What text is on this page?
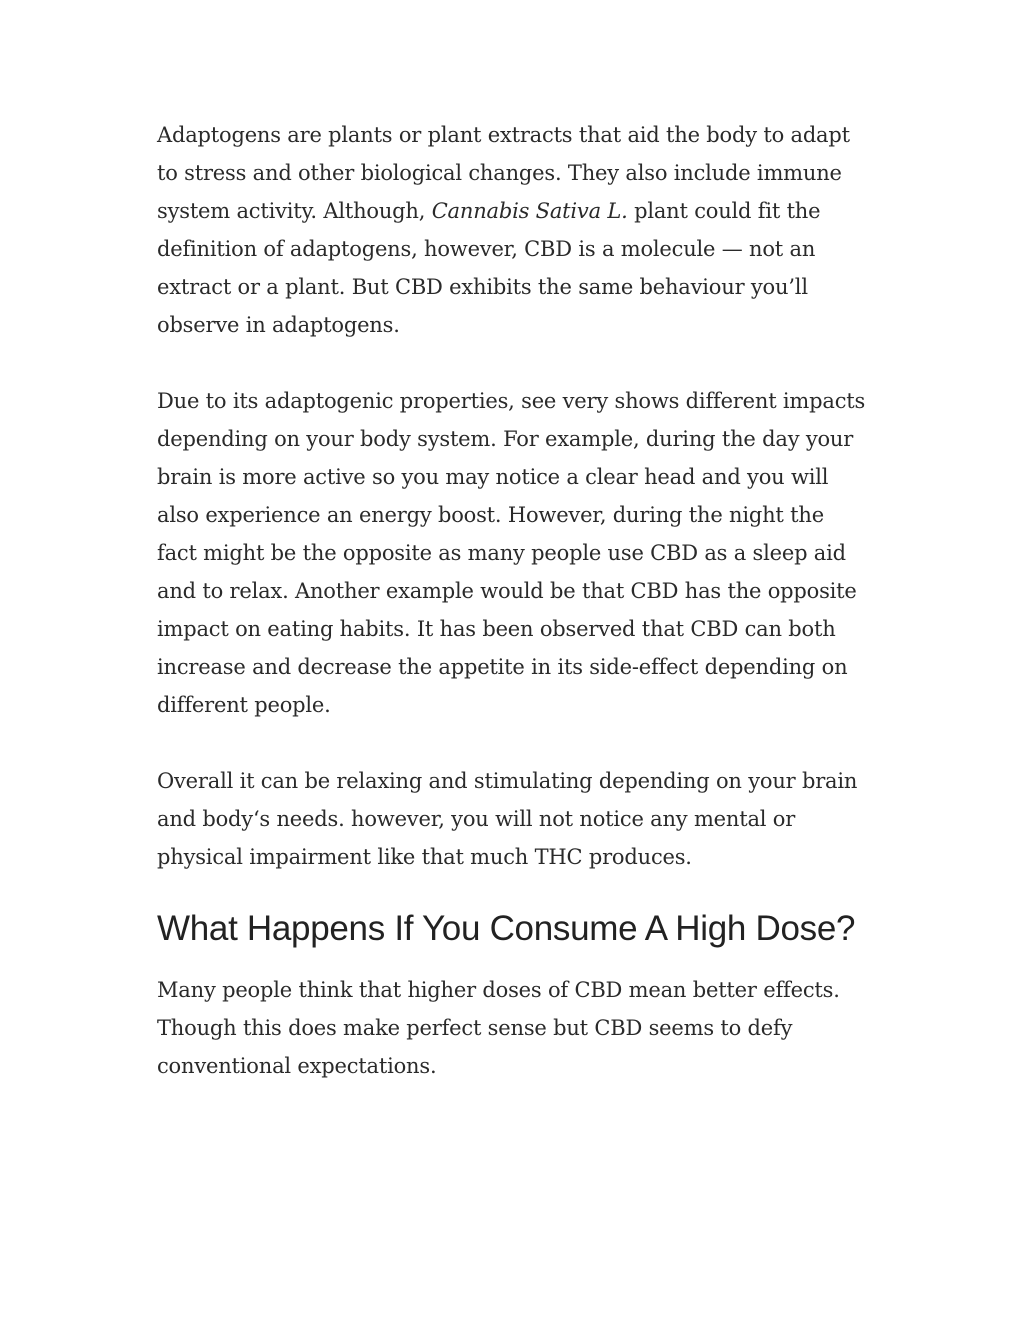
Adaptogens are plants or plant extracts that aid the body to adapt to stress and other biological changes. They also include immune system activity. Although, Cannabis Sativa L. plant could fit the definition of adaptogens, however, CBD is a molecule — not an extract or a plant. But CBD exhibits the same behaviour you’ll observe in adaptogens.

Due to its adaptogenic properties, see very shows different impacts depending on your body system. For example, during the day your brain is more active so you may notice a clear head and you will also experience an energy boost. However, during the night the fact might be the opposite as many people use CBD as a sleep aid and to relax. Another example would be that CBD has the opposite impact on eating habits. It has been observed that CBD can both increase and decrease the appetite in its side-effect depending on different people.

Overall it can be relaxing and stimulating depending on your brain and body‘s needs. however, you will not notice any mental or physical impairment like that much THC produces.

What Happens If You Consume A High Dose?

Many people think that higher doses of CBD mean better effects. Though this does make perfect sense but CBD seems to defy conventional expectations.
